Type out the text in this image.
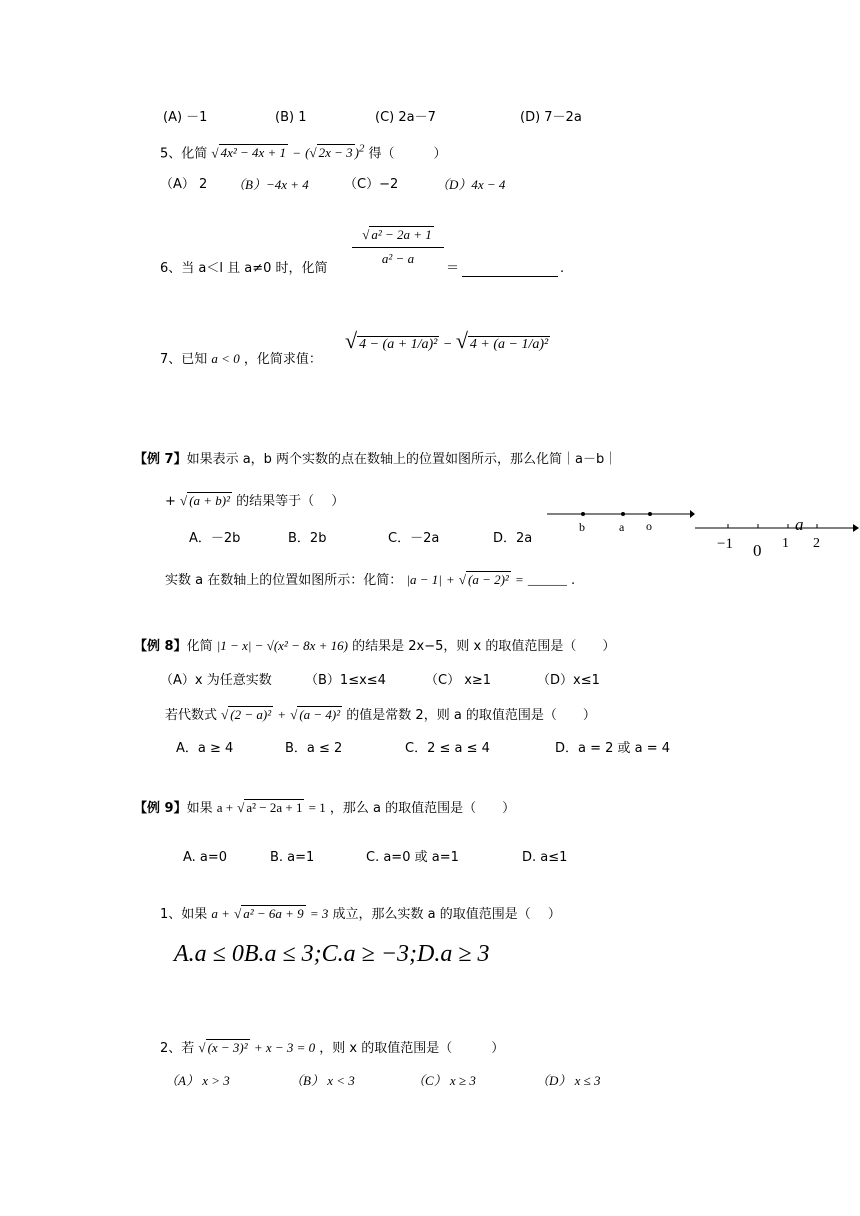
(A) －1	(B) 1	(C) 2a－7	(D) 7－2a
5、化简 √ 4x² − 4x + 1 − (√ 2x − 3 )$^2$ 得（　　　）
（A） 2 （B）−4x + 4	（C）−2	（D）4x − 4
6、当 a＜l 且 a≠0 时，化简
√ a² − 2a + 1
a² − a
＝	.
7、已知 a < 0 ，化简求值：
√ 4 − (a + 1/a)² − √ 4 + (a − 1/a)²
【例 7】如果表示 a，b 两个实数的点在数轴上的位置如图所示，那么化简｜a－b｜
+ √ (a + b)² 的结果等于（　 ）
A．－2b	B．2b	C．－2a	D．2a
b	a o
−1 0 1
a
2
实数 a 在数轴上的位置如图所示：化简： |a − 1| + √ (a − 2)² = ______ .
【例 8】化简 |1 − x| − √(x² − 8x + 16) 的结果是 2x−5，则 x 的取值范围是（　　）
（A）x 为任意实数	（B）1≤x≤4	（C） x≥1	（D）x≤1
若代数式 √ (2 − a)² + √ (a − 4)² 的值是常数 2，则 a 的取值范围是（　　）
A．a ≥ 4	B．a ≤ 2	C．2 ≤ a ≤ 4	D．a = 2 或 a = 4
【例 9】如果 a + √ a² − 2a + 1 = 1 ，那么 a 的取值范围是（　　）
A. a=0	B. a=1	C. a=0 或 a=1	D. a≤1
1、如果 a + √ a² − 6a + 9 = 3 成立，那么实数 a 的取值范围是（　 ）
A.a ≤ 0B.a ≤ 3;C.a ≥ −3;D.a ≥ 3
2、若 √ (x − 3)² + x − 3 = 0 ，则 x 的取值范围是（　　　）
（A） x > 3	（B） x < 3	（C） x ≥ 3	（D） x ≤ 3
